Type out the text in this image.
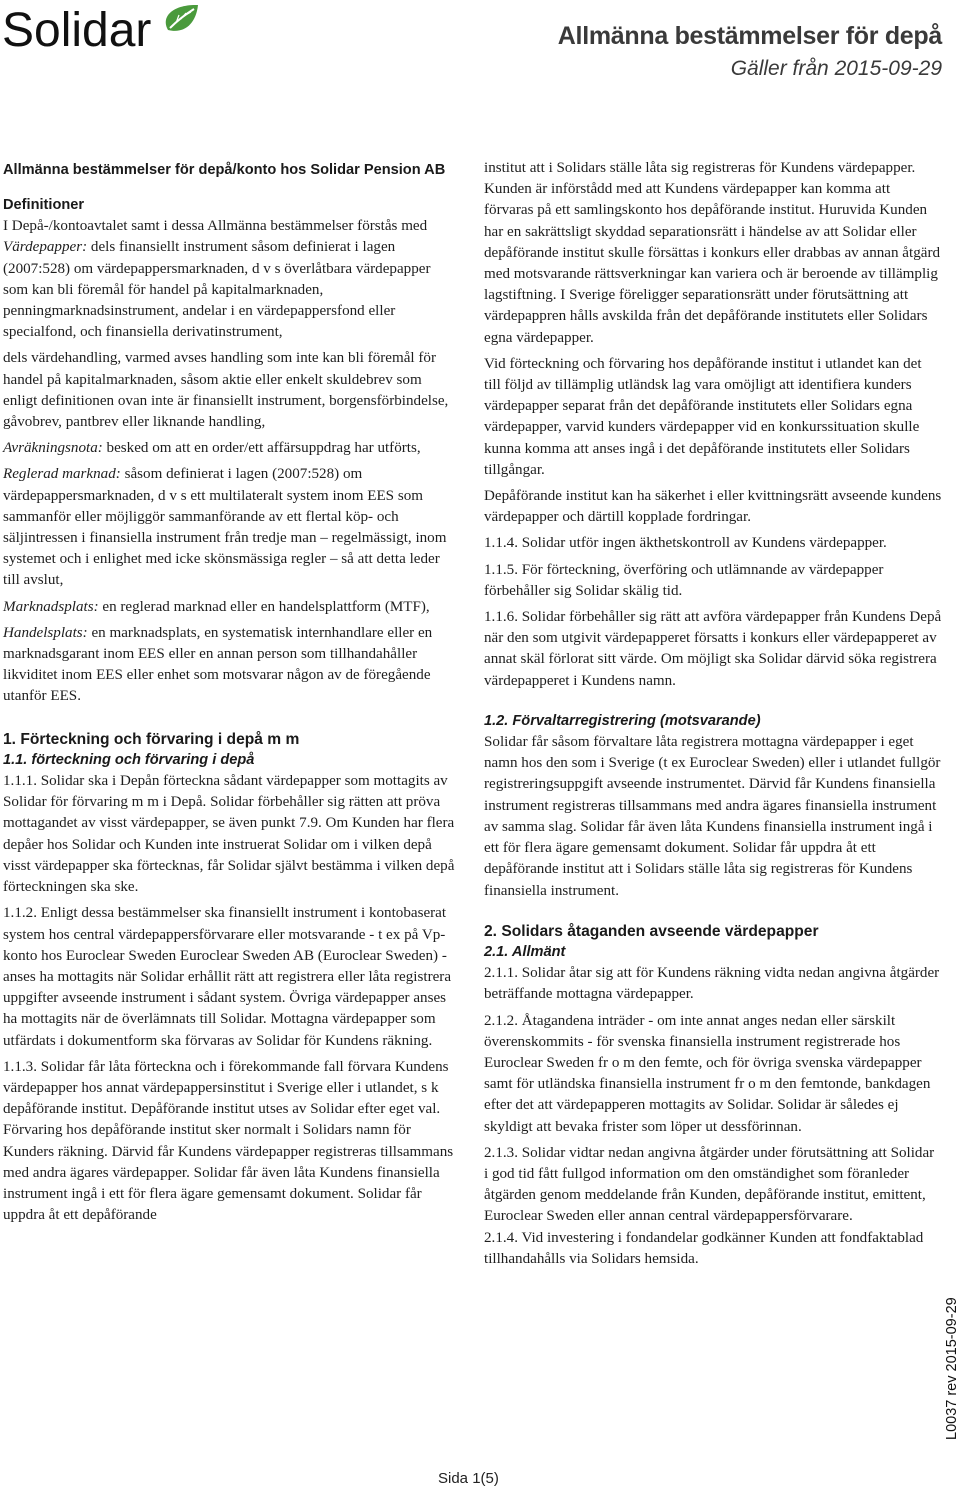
Solidar	Allmänna bestämmelser för depå
Gäller från 2015-09-29
Allmänna bestämmelser för depå/konto hos Solidar Pension AB
Definitioner

I Depå-/kontoavtalet samt i dessa Allmänna bestämmelser förstås med

Värdepapper: dels finansiellt instrument såsom definierat i lagen (2007:528) om värdepappersmarknaden, d v s överlåtbara värdepapper som kan bli föremål för handel på kapitalmarknaden, penningmarknadsinstrument, andelar i en värdepappersfond eller specialfond, och finansiella derivatinstrument,

dels värdehandling, varmed avses handling som inte kan bli föremål för handel på kapitalmarknaden, såsom aktie eller enkelt skuldebrev som enligt definitionen ovan inte är finansiellt instrument, borgensförbindelse, gåvobrev, pantbrev eller liknande handling,

Avräkningsnota: besked om att en order/ett affärsuppdrag har utförts,

Reglerad marknad: såsom definierat i lagen (2007:528) om värdepappersmarknaden, d v s ett multilateralt system inom EES som sammanför eller möjliggör sammanförande av ett flertal köp- och säljintressen i finansiella instrument från tredje man – regelmässigt, inom systemet och i enlighet med icke skönsmässiga regler – så att detta leder till avslut,

Marknadsplats: en reglerad marknad eller en handelsplattform (MTF),

Handelsplats: en marknadsplats, en systematisk internhandlare eller en marknadsgarant inom EES eller en annan person som tillhandahåller likviditet inom EES eller enhet som motsvarar någon av de föregående utanför EES.

1. Förteckning och förvaring i depå m m
1.1. förteckning och förvaring i depå

1.1.1. Solidar ska i Depån förteckna sådant värdepapper som mottagits av Solidar för förvaring m m i Depå. Solidar förbehåller sig rätten att pröva mottagandet av visst värdepapper, se även punkt 7.9. Om Kunden har flera depåer hos Solidar och Kunden inte instruerat Solidar om i vilken depå visst värdepapper ska förtecknas, får Solidar självt bestämma i vilken depå förteckningen ska ske.

1.1.2. Enligt dessa bestämmelser ska finansiellt instrument i kontobaserat system hos central värdepappersförvarare eller motsvarande - t ex på Vp-konto hos Euroclear Sweden Euroclear Sweden AB (Euroclear Sweden) -anses ha mottagits när Solidar erhållit rätt att registrera eller låta registrera uppgifter avseende instrument i sådant system. Övriga värdepapper anses ha mottagits när de överlämnats till Solidar. Mottagna värdepapper som utfärdats i dokumentform ska förvaras av Solidar för Kundens räkning.

1.1.3. Solidar får låta förteckna och i förekommande fall förvara Kundens värdepapper hos annat värdepappersinstitut i Sverige eller i utlandet, s k depåförande institut. Depåförande institut utses av Solidar efter eget val. Förvaring hos depåförande institut sker normalt i Solidars namn för Kunders räkning. Därvid får Kundens värdepapper registreras tillsammans med andra ägares värdepapper. Solidar får även låta Kundens finansiella instrument ingå i ett för flera ägare gemensamt dokument. Solidar får uppdra åt ett depåförande

institut att i Solidars ställe låta sig registreras för Kundens värdepapper. Kunden är införstådd med att Kundens värdepapper kan komma att förvaras på ett samlingskonto hos depåförande institut. Huruvida Kunden har en sakrättsligt skyddad separationsrätt i händelse av att Solidar eller depåförande institut skulle försättas i konkurs eller drabbas av annan åtgärd med motsvarande rättsverkningar kan variera och är beroende av tillämplig lagstiftning. I Sverige föreligger separationsrätt under förutsättning att värdepappren hålls avskilda från det depåförande institutets eller Solidars egna värdepapper.

Vid förteckning och förvaring hos depåförande institut i utlandet kan det till följd av tillämplig utländsk lag vara omöjligt att identifiera kunders värdepapper separat från det depåförande institutets eller Solidars egna värdepapper, varvid kunders värdepapper vid en konkurssituation skulle kunna komma att anses ingå i det depåförande institutets eller Solidars tillgångar.

Depåförande institut kan ha säkerhet i eller kvittningsrätt avseende kundens värdepapper och därtill kopplade fordringar.

1.1.4. Solidar utför ingen äkthetskontroll av Kundens värdepapper.

1.1.5. För förteckning, överföring och utlämnande av värdepapper förbehåller sig Solidar skälig tid.

1.1.6. Solidar förbehåller sig rätt att avföra värdepapper från Kundens Depå när den som utgivit värdepapperet försatts i konkurs eller värdepapperet av annat skäl förlorat sitt värde. Om möjligt ska Solidar därvid söka registrera värdepapperet i Kundens namn.

1.2. Förvaltarregistrering (motsvarande)

Solidar får såsom förvaltare låta registrera mottagna värdepapper i eget namn hos den som i Sverige (t ex Euroclear Sweden) eller i utlandet fullgör registreringsuppgift avseende instrumentet. Därvid får Kundens finansiella instrument registreras tillsammans med andra ägares finansiella instrument av samma slag. Solidar får även låta Kundens finansiella instrument ingå i ett för flera ägare gemensamt dokument. Solidar får uppdra åt ett depåförande institut att i Solidars ställe låta sig registreras för Kundens finansiella instrument.

2. Solidars åtaganden avseende värdepapper
2.1. Allmänt

2.1.1. Solidar åtar sig att för Kundens räkning vidta nedan angivna åtgärder beträffande mottagna värdepapper.

2.1.2. Åtagandena inträder - om inte annat anges nedan eller särskilt överenskommits - för svenska finansiella instrument registrerade hos Euroclear Sweden fr o m den femte, och för övriga svenska värdepapper samt för utländska finansiella instrument fr o m den femtonde, bankdagen efter det att värdepapperen mottagits av Solidar. Solidar är således ej skyldigt att bevaka frister som löper ut dessförinnan.

2.1.3. Solidar vidtar nedan angivna åtgärder under förutsättning att Solidar i god tid fått fullgod information om den omständighet som föranleder åtgärden genom meddelande från Kunden, depåförande institut, emittent, Euroclear Sweden eller annan central värdepappersförvarare.

2.1.4. Vid investering i fondandelar godkänner Kunden att fondfaktablad tillhandahålls via Solidars hemsida.

Sida 1(5)
L0037 rev 2015-09-29
